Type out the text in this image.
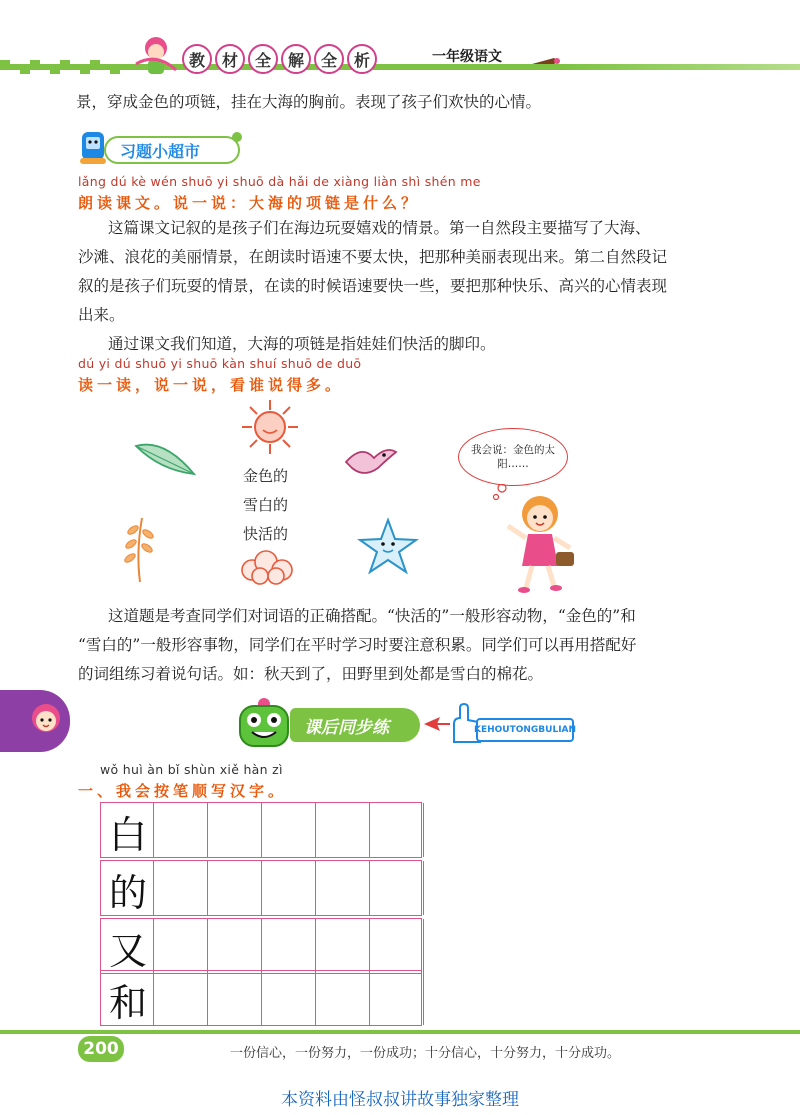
教	材	全	解	全	析	一年级语文
景，穿成金色的项链，挂在大海的胸前。表现了孩子们欢快的心情。
习题小超市
lǎng dú kè wén shuō yi shuō dà hǎi de xiàng liàn shì shén me
朗读课文。说一说：大海的项链是什么？
这篇课文记叙的是孩子们在海边玩耍嬉戏的情景。第一自然段主要描写了大海、
沙滩、浪花的美丽情景，在朗读时语速不要太快，把那种美丽表现出来。第二自然段记
叙的是孩子们玩耍的情景，在读的时候语速要快一些，要把那种快乐、高兴的心情表现
出来。
通过课文我们知道，大海的项链是指娃娃们快活的脚印。
dú yi dú shuō yi shuō kàn shuí shuō de duō
读一读，说一说，看谁说得多。
金色的
雪白的
快活的
我会说：金色的太阳……
这道题是考查同学们对词语的正确搭配。“快活的”一般形容动物，“金色的”和
“雪白的”一般形容事物，同学们在平时学习时要注意积累。同学们可以再用搭配好
的词组练习着说句话。如：秋天到了，田野里到处都是雪白的棉花。
课后同步练	KEHOUTONGBULIAN
wǒ huì àn bǐ shùn xiě hàn zì
一、我会按笔顺写汉字。
白
的
又
和
200	一份信心，一份努力，一份成功；十分信心，十分努力，十分成功。
本资料由怪叔叔讲故事独家整理
